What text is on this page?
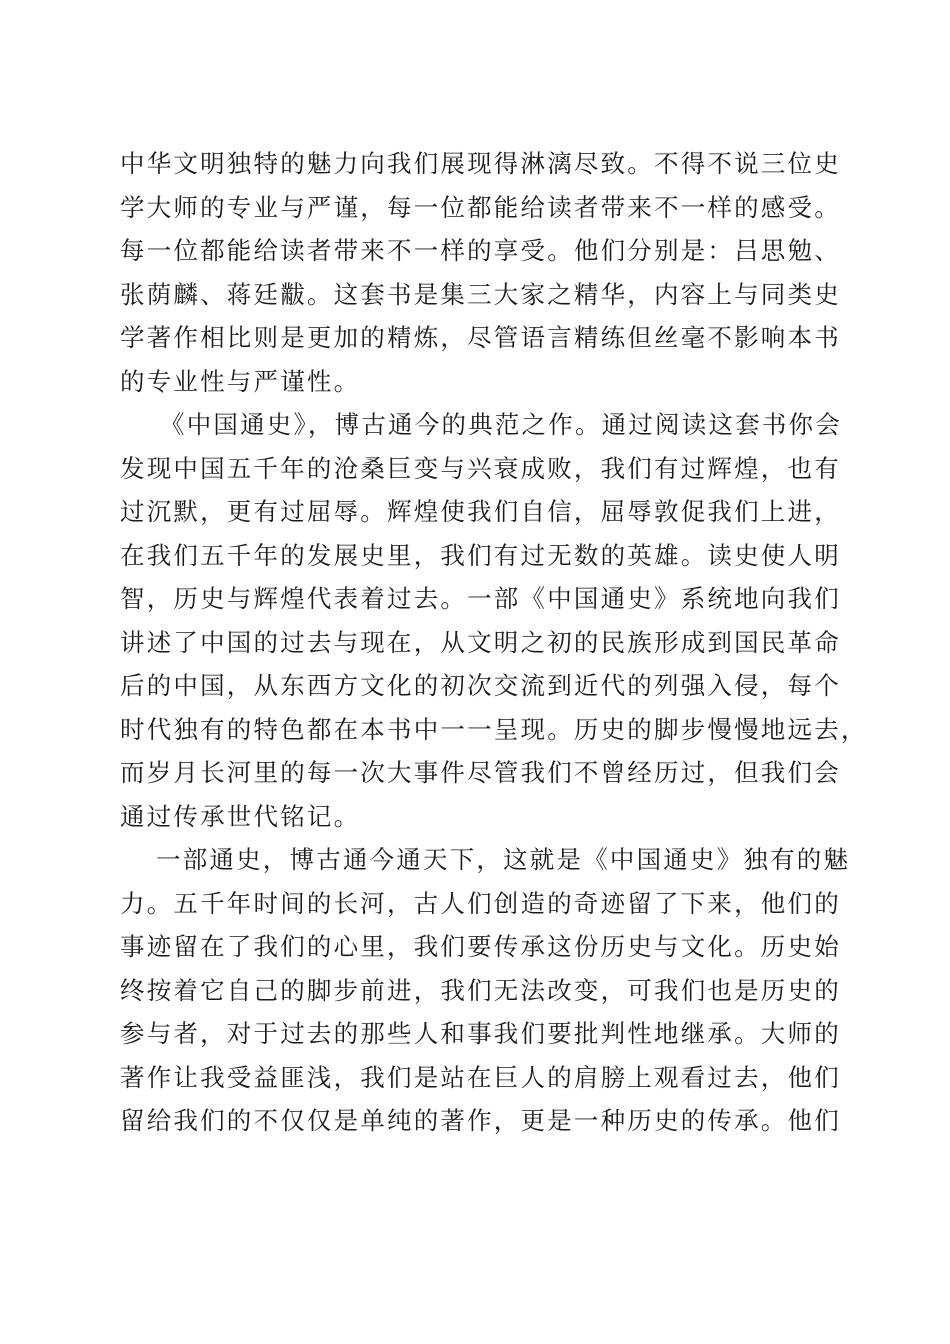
中华文明独特的魅力向我们展现得淋漓尽致。不得不说三位史
学大师的专业与严谨，每一位都能给读者带来不一样的感受。
每一位都能给读者带来不一样的享受。他们分别是：吕思勉、
张荫麟、蒋廷黻。这套书是集三大家之精华，内容上与同类史
学著作相比则是更加的精炼，尽管语言精练但丝毫不影响本书
的专业性与严谨性。
《中国通史》，博古通今的典范之作。通过阅读这套书你会
发现中国五千年的沧桑巨变与兴衰成败，我们有过辉煌，也有
过沉默，更有过屈辱。辉煌使我们自信，屈辱敦促我们上进，
在我们五千年的发展史里，我们有过无数的英雄。读史使人明
智，历史与辉煌代表着过去。一部《中国通史》系统地向我们
讲述了中国的过去与现在，从文明之初的民族形成到国民革命
后的中国，从东西方文化的初次交流到近代的列强入侵，每个
时代独有的特色都在本书中一一呈现。历史的脚步慢慢地远去，
而岁月长河里的每一次大事件尽管我们不曾经历过，但我们会
通过传承世代铭记。
一部通史，博古通今通天下，这就是《中国通史》独有的魅
力。五千年时间的长河，古人们创造的奇迹留了下来，他们的
事迹留在了我们的心里，我们要传承这份历史与文化。历史始
终按着它自己的脚步前进，我们无法改变，可我们也是历史的
参与者，对于过去的那些人和事我们要批判性地继承。大师的
著作让我受益匪浅，我们是站在巨人的肩膀上观看过去，他们
留给我们的不仅仅是单纯的著作，更是一种历史的传承。他们
